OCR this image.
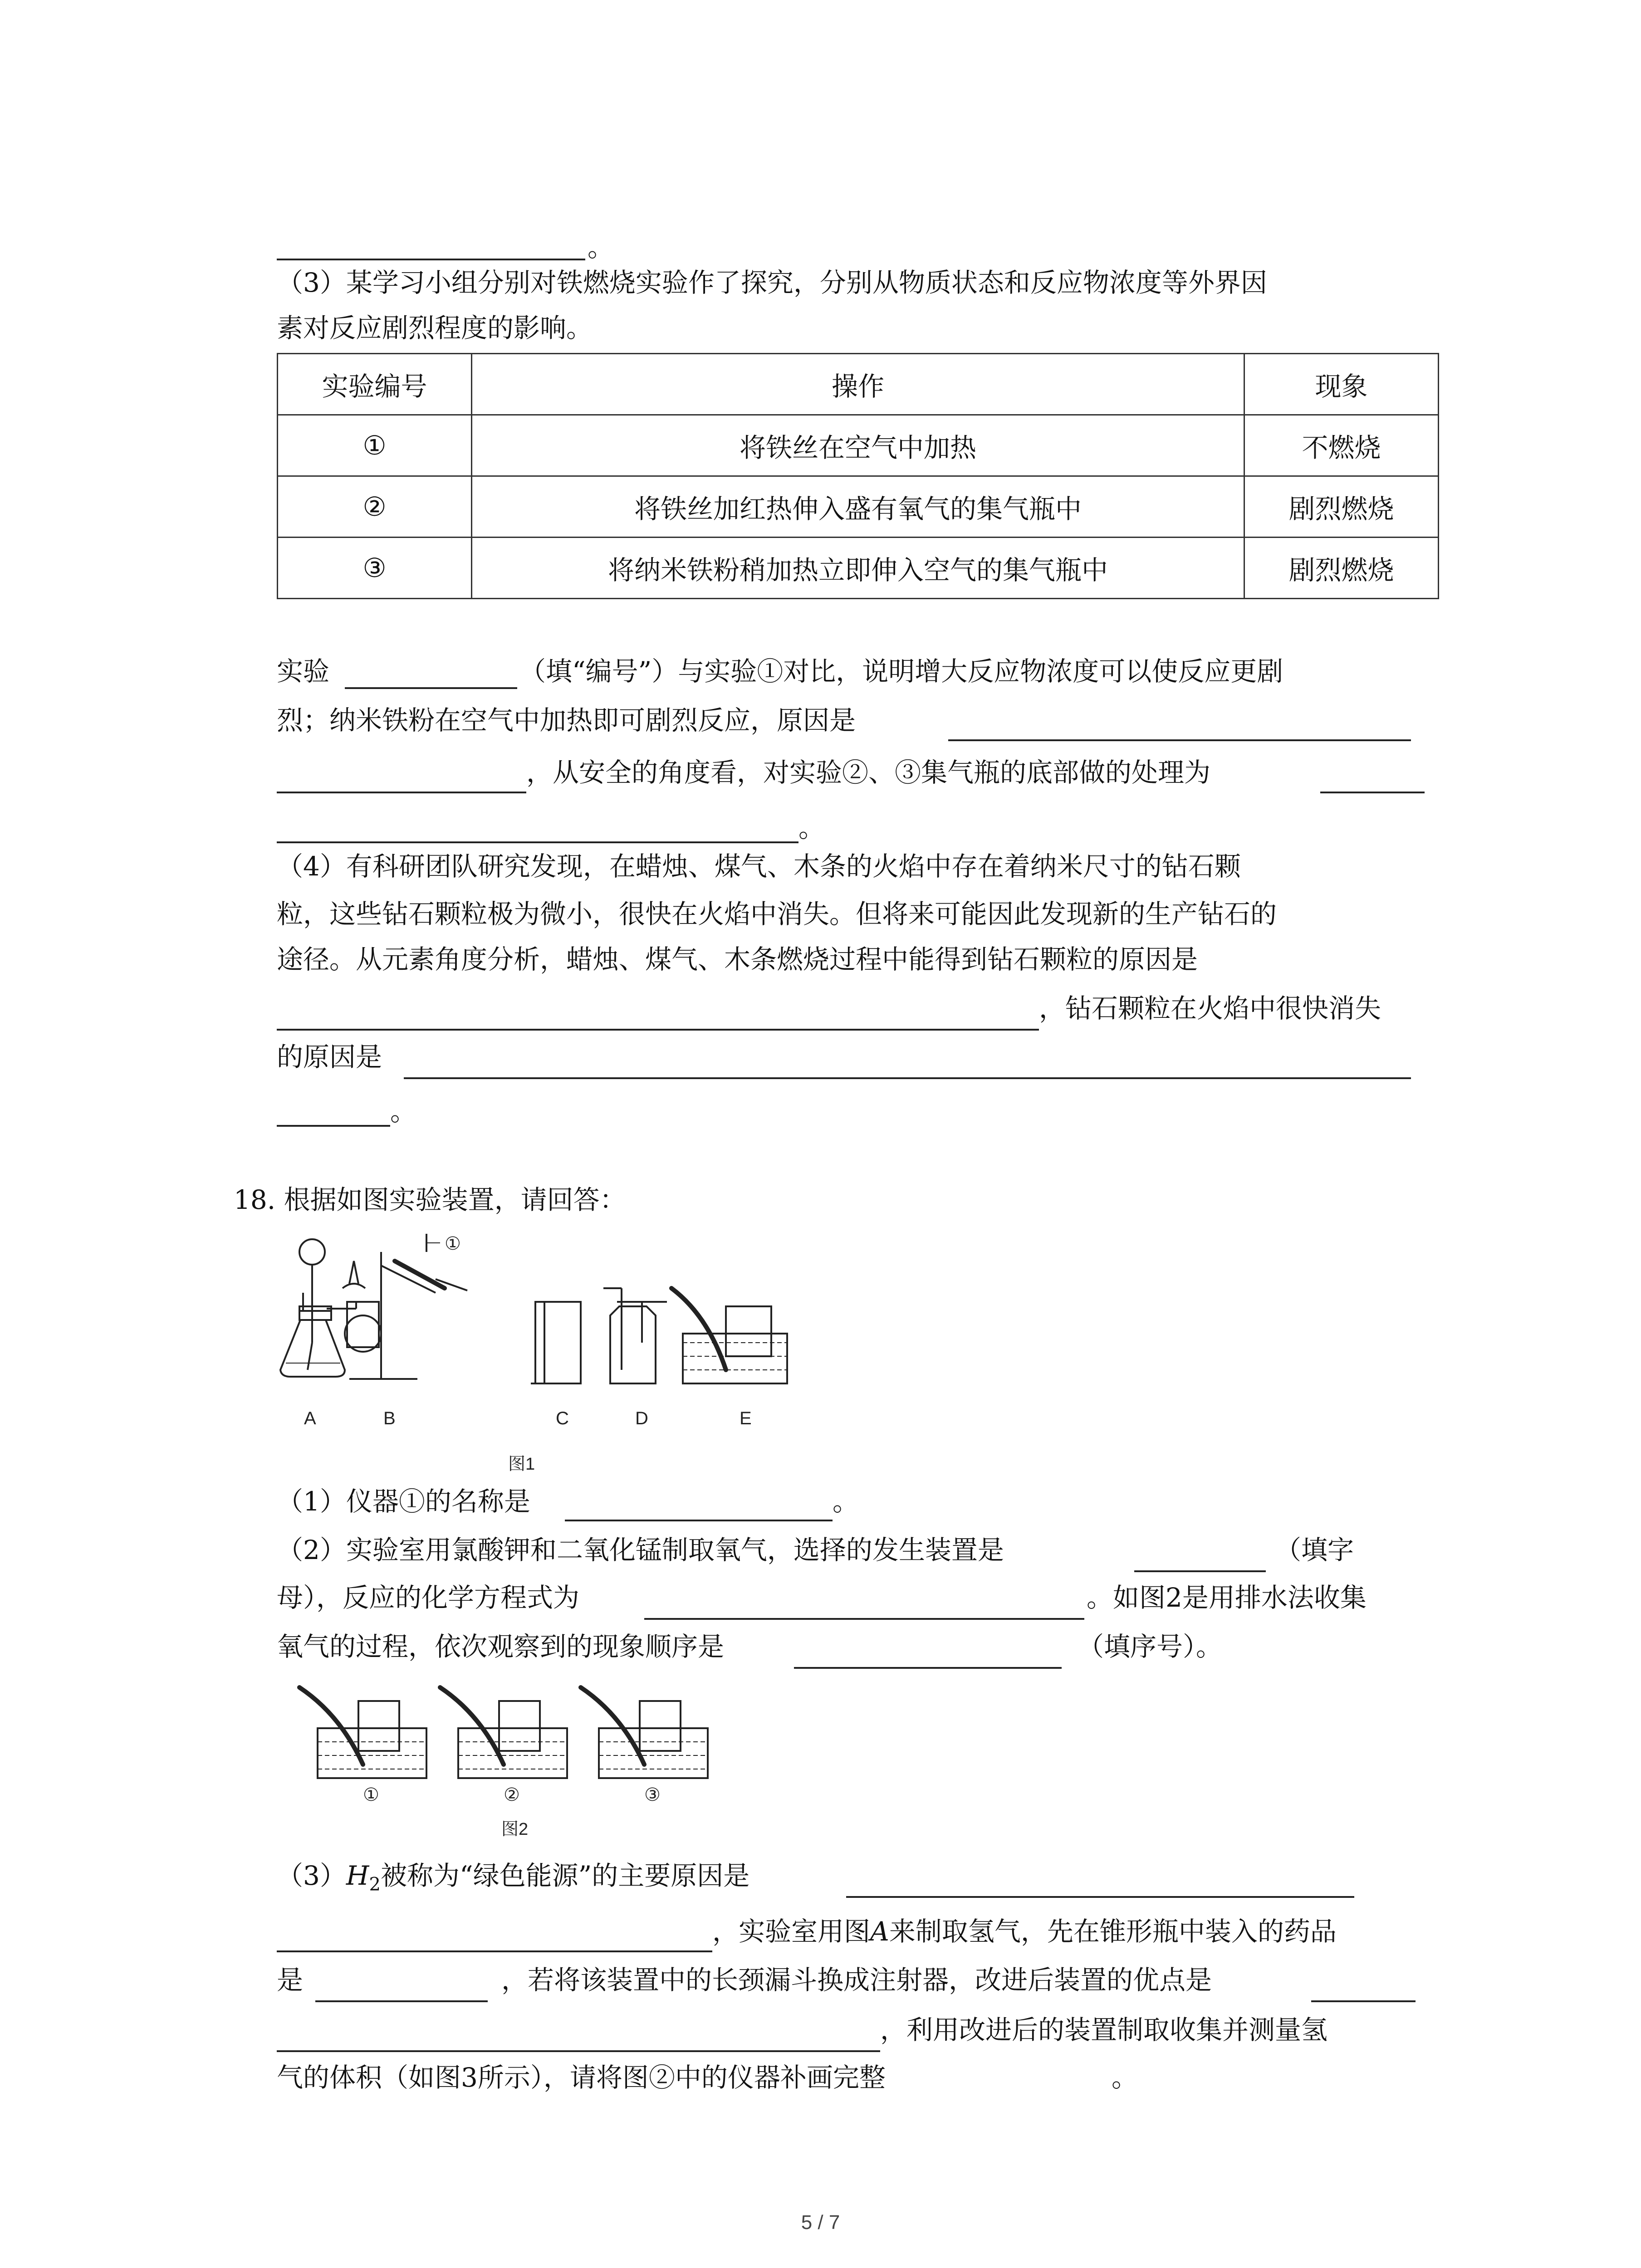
。
（3）某学习小组分别对铁燃烧实验作了探究，分别从物质状态和反应物浓度等外界因
素对反应剧烈程度的影响。
实验编号	操作	现象
①	将铁丝在空气中加热	不燃烧
②	将铁丝加红热伸入盛有氧气的集气瓶中	剧烈燃烧
③	将纳米铁粉稍加热立即伸入空气的集气瓶中	剧烈燃烧
实验	（填“编号”）与实验①对比，说明增大反应物浓度可以使反应更剧
烈；纳米铁粉在空气中加热即可剧烈反应，原因是
，从安全的角度看，对实验②、③集气瓶的底部做的处理为
。
（4）有科研团队研究发现，在蜡烛、煤气、木条的火焰中存在着纳米尺寸的钻石颗
粒，这些钻石颗粒极为微小，很快在火焰中消失。但将来可能因此发现新的生产钻石的
途径。从元素角度分析，蜡烛、煤气、木条燃烧过程中能得到钻石颗粒的原因是
，钻石颗粒在火焰中很快消失
的原因是
。
18. 根据如图实验装置，请回答：
A	B	C	D	E
①
图1
（1）仪器①的名称是	。
（2）实验室用氯酸钾和二氧化锰制取氧气，选择的发生装置是	（填字
母），反应的化学方程式为	。如图2是用排水法收集
氧气的过程，依次观察到的现象顺序是	（填序号）。
①	②	③
图2
$(3)H_2$被称为“绿色能源”的主要原因是
，实验室用图A来制取氢气，先在锥形瓶中装入的药品
是	，若将该装置中的长颈漏斗换成注射器，改进后装置的优点是
，利用改进后的装置制取收集并测量氢
气的体积（如图3所示），请将图②中的仪器补画完整	。
5 / 7
